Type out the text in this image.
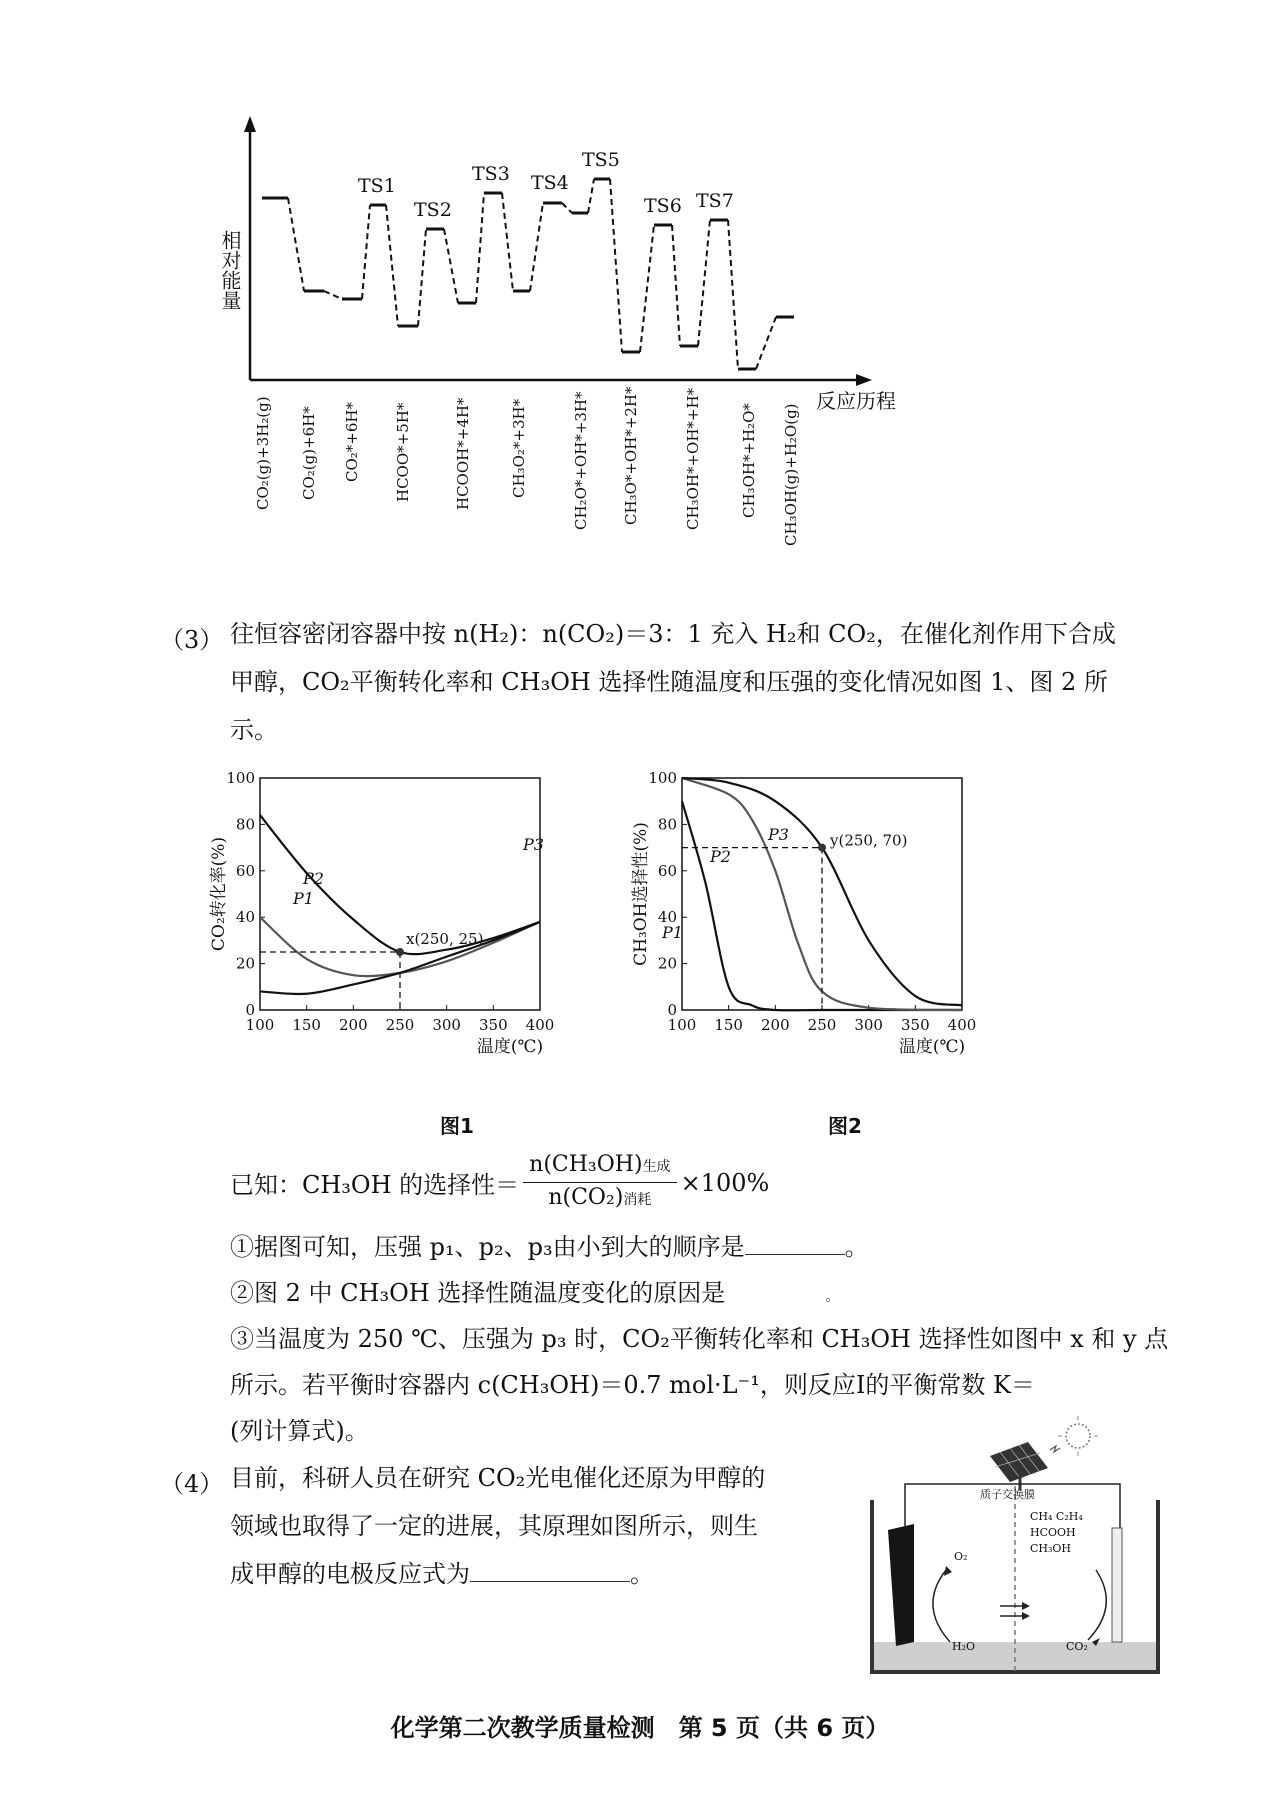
相对能量
反应历程
TS1
TS2
TS3 TS4
TS5
TS6 TS7
CO₂(g)+3H₂(g) CO₂(g)+6H* CO₂*+6H* HCOO*+5H*	HCOOH*+4H*	CH₃O₂*+3H*	CH₂O*+OH*+3H* CH₃O*+OH*+2H*	CH₃OH*+OH*+H*	CH₃OH*+H₂O* CH₃OH(g)+H₂O(g)
（3） 往恒容密闭容器中按 n(H₂)：n(CO₂)＝3：1 充入 H₂和 CO₂，在催化剂作用下合成
甲醇，CO₂平衡转化率和 CH₃OH 选择性随温度和压强的变化情况如图 1、图 2 所
示。
100 150 200 250 300 350 400
0
20
40
60
80
100
温度(℃)
CO₂转化率(%)	P3
P2
P1
x(250, 25)
图1
100 150 200 250 300 350 400
0
20
40
60
80
100
温度(℃)
CH₃OH选择性(%) P1
P2
P3	y(250, 70)
图2
已知：CH₃OH 的选择性＝ $\frac{\text{n(CH₃OH)生成}}{\text{n(CO₂)消耗}} \times 100\%$
①据图可知，压强 p₁、p₂、p₃由小到大的顺序是	。
②图 2 中 CH₃OH 选择性随温度变化的原因是	。
③当温度为 250 ℃、压强为 p₃ 时，CO₂平衡转化率和 CH₃OH 选择性如图中 x 和 y 点
所示。若平衡时容器内 c(CH₃OH)＝0.7 mol·L⁻¹，则反应Ⅰ的平衡常数 K＝
(列计算式)。
（4） 目前，科研人员在研究 CO₂光电催化还原为甲醇的
领域也取得了一定的进展，其原理如图所示，则生
成甲醇的电极反应式为	。
质子交换膜
CH₄ C₂H₄
HCOOH
CH₃OH
O₂
H₂O	CO₂
化学第二次教学质量检测　第 5 页（共 6 页）
